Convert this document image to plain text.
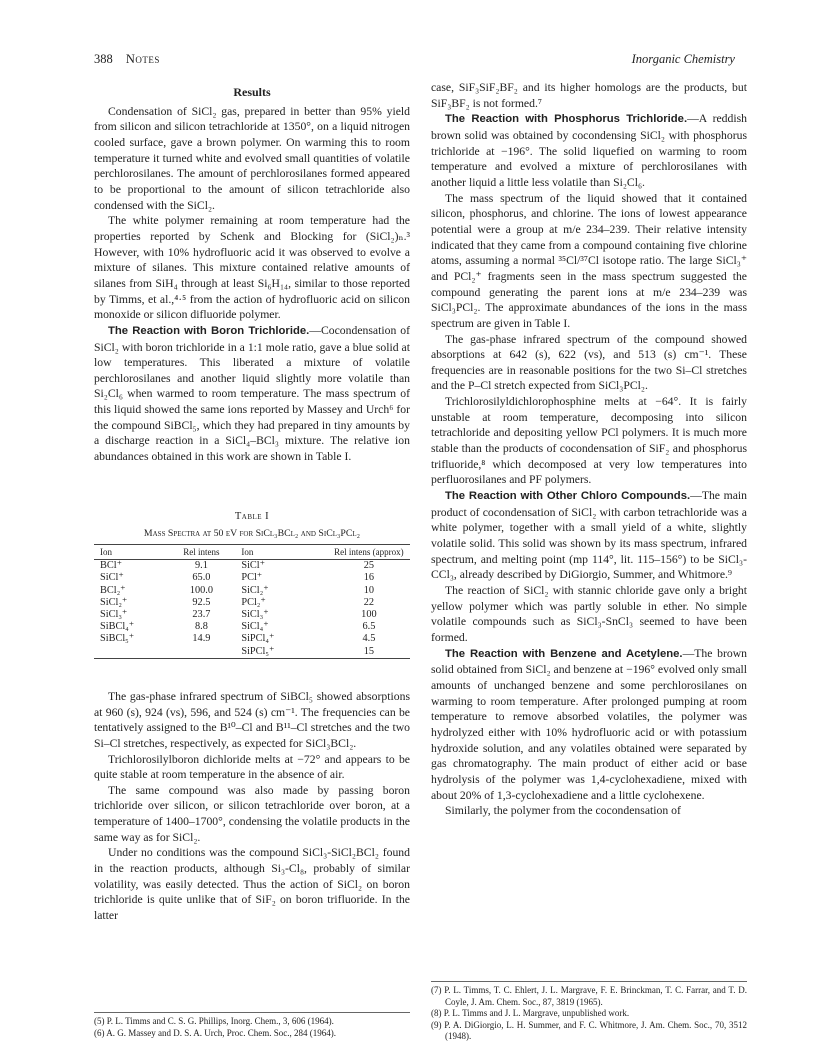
388 Notes	Inorganic Chemistry
Results

Condensation of SiCl₂ gas, prepared in better than 95% yield from silicon and silicon tetrachloride at 1350°, on a liquid nitrogen cooled surface, gave a brown polymer. On warming this to room temperature it turned white and evolved small quantities of volatile perchlorosilanes. The amount of perchlorosilanes formed appeared to be proportional to the amount of silicon tetrachloride also condensed with the SiCl₂.

The white polymer remaining at room temperature had the properties reported by Schenk and Blocking for (SiCl₂)ₙ.³ However, with 10% hydrofluoric acid it was observed to evolve a mixture of silanes. This mixture contained relative amounts of silanes from SiH₄ through at least Si₆H₁₄, similar to those reported by Timms, et al.,⁴·⁵ from the action of hydrofluoric acid on silicon monoxide or silicon difluoride polymer.

The Reaction with Boron Trichloride.—Cocondensation of SiCl₂ with boron trichloride in a 1:1 mole ratio, gave a blue solid at low temperatures. This liberated a mixture of volatile perchlorosilanes and another liquid slightly more volatile than Si₂Cl₆ when warmed to room temperature. The mass spectrum of this liquid showed the same ions reported by Massey and Urch⁶ for the compound SiBCl₅, which they had prepared in tiny amounts by a discharge reaction in a SiCl₄–BCl₃ mixture. The relative ion abundances obtained in this work are shown in Table I.

Table I
Mass Spectra at 50 eV for SiCl₃BCl₂ and SiCl₃PCl₂
Ion	Rel intens	Ion	Rel intens (approx)
BCl⁺	9.1	SiCl⁺	25
SiCl⁺	65.0	PCl⁺	16
BCl₂⁺	100.0	SiCl₂⁺	10
SiCl₂⁺	92.5	PCl₂⁺	22
SiCl₃⁺	23.7	SiCl₃⁺	100
SiBCl₄⁺	8.8	SiCl₄⁺	6.5
SiBCl₅⁺	14.9	SiPCl₄⁺	4.5
		SiPCl₅⁺	15

The gas-phase infrared spectrum of SiBCl₅ showed absorptions at 960 (s), 924 (vs), 596, and 524 (s) cm⁻¹. The frequencies can be tentatively assigned to the B¹⁰–Cl and B¹¹–Cl stretches and the two Si–Cl stretches, respectively, as expected for SiCl₃BCl₂.

Trichlorosilylboron dichloride melts at −72° and appears to be quite stable at room temperature in the absence of air.

The same compound was also made by passing boron trichloride over silicon, or silicon tetrachloride over boron, at a temperature of 1400–1700°, condensing the volatile products in the same way as for SiCl₂.

Under no conditions was the compound SiCl₃-SiCl₂BCl₂ found in the reaction products, although Si₃-Cl₈, probably of similar volatility, was easily detected. Thus the action of SiCl₂ on boron trichloride is quite unlike that of SiF₂ on boron trifluoride. In the latter

case, SiF₃SiF₂BF₂ and its higher homologs are the products, but SiF₃BF₂ is not formed.⁷

The Reaction with Phosphorus Trichloride.—A reddish brown solid was obtained by cocondensing SiCl₂ with phosphorus trichloride at −196°. The solid liquefied on warming to room temperature and evolved a mixture of perchlorosilanes with another liquid a little less volatile than Si₂Cl₆.

The mass spectrum of the liquid showed that it contained silicon, phosphorus, and chlorine. The ions of lowest appearance potential were a group at m/e 234–239. Their relative intensity indicated that they came from a compound containing five chlorine atoms, assuming a normal ³⁵Cl/³⁷Cl isotope ratio. The large SiCl₃⁺ and PCl₂⁺ fragments seen in the mass spectrum suggested the compound generating the parent ions at m/e 234–239 was SiCl₃PCl₂. The approximate abundances of the ions in the mass spectrum are given in Table I.

The gas-phase infrared spectrum of the compound showed absorptions at 642 (s), 622 (vs), and 513 (s) cm⁻¹. These frequencies are in reasonable positions for the two Si–Cl stretches and the P–Cl stretch expected from SiCl₃PCl₂.

Trichlorosilyldichlorophosphine melts at −64°. It is fairly unstable at room temperature, decomposing into silicon tetrachloride and depositing yellow PCl polymers. It is much more stable than the products of cocondensation of SiF₂ and phosphorus trifluoride,⁸ which decomposed at very low temperatures into perfluorosilanes and PF polymers.

The Reaction with Other Chloro Compounds.—The main product of cocondensation of SiCl₂ with carbon tetrachloride was a white polymer, together with a small yield of a white, slightly volatile solid. This solid was shown by its mass spectrum, infrared spectrum, and melting point (mp 114°, lit. 115–156°) to be SiCl₃-CCl₃, already described by DiGiorgio, Summer, and Whitmore.⁹

The reaction of SiCl₂ with stannic chloride gave only a bright yellow polymer which was partly soluble in ether. No simple volatile compounds such as SiCl₃-SnCl₃ seemed to have been formed.

The Reaction with Benzene and Acetylene.—The brown solid obtained from SiCl₂ and benzene at −196° evolved only small amounts of unchanged benzene and some perchlorosilanes on warming to room temperature. After prolonged pumping at room temperature to remove absorbed volatiles, the polymer was hydrolyzed either with 10% hydrofluoric acid or with potassium hydroxide solution, and any volatiles obtained were separated by gas chromatography. The main product of either acid or base hydrolysis of the polymer was 1,4-cyclohexadiene, mixed with about 20% of 1,3-cyclohexadiene and a little cyclohexene.

Similarly, the polymer from the cocondensation of

(5) P. L. Timms and C. S. G. Phillips, Inorg. Chem., 3, 606 (1964).
(6) A. G. Massey and D. S. A. Urch, Proc. Chem. Soc., 284 (1964).
(7) P. L. Timms, T. C. Ehlert, J. L. Margrave, F. E. Brinckman, T. C. Farrar, and T. D. Coyle, J. Am. Chem. Soc., 87, 3819 (1965).
(8) P. L. Timms and J. L. Margrave, unpublished work.
(9) P. A. DiGiorgio, L. H. Summer, and F. C. Whitmore, J. Am. Chem. Soc., 70, 3512 (1948).
